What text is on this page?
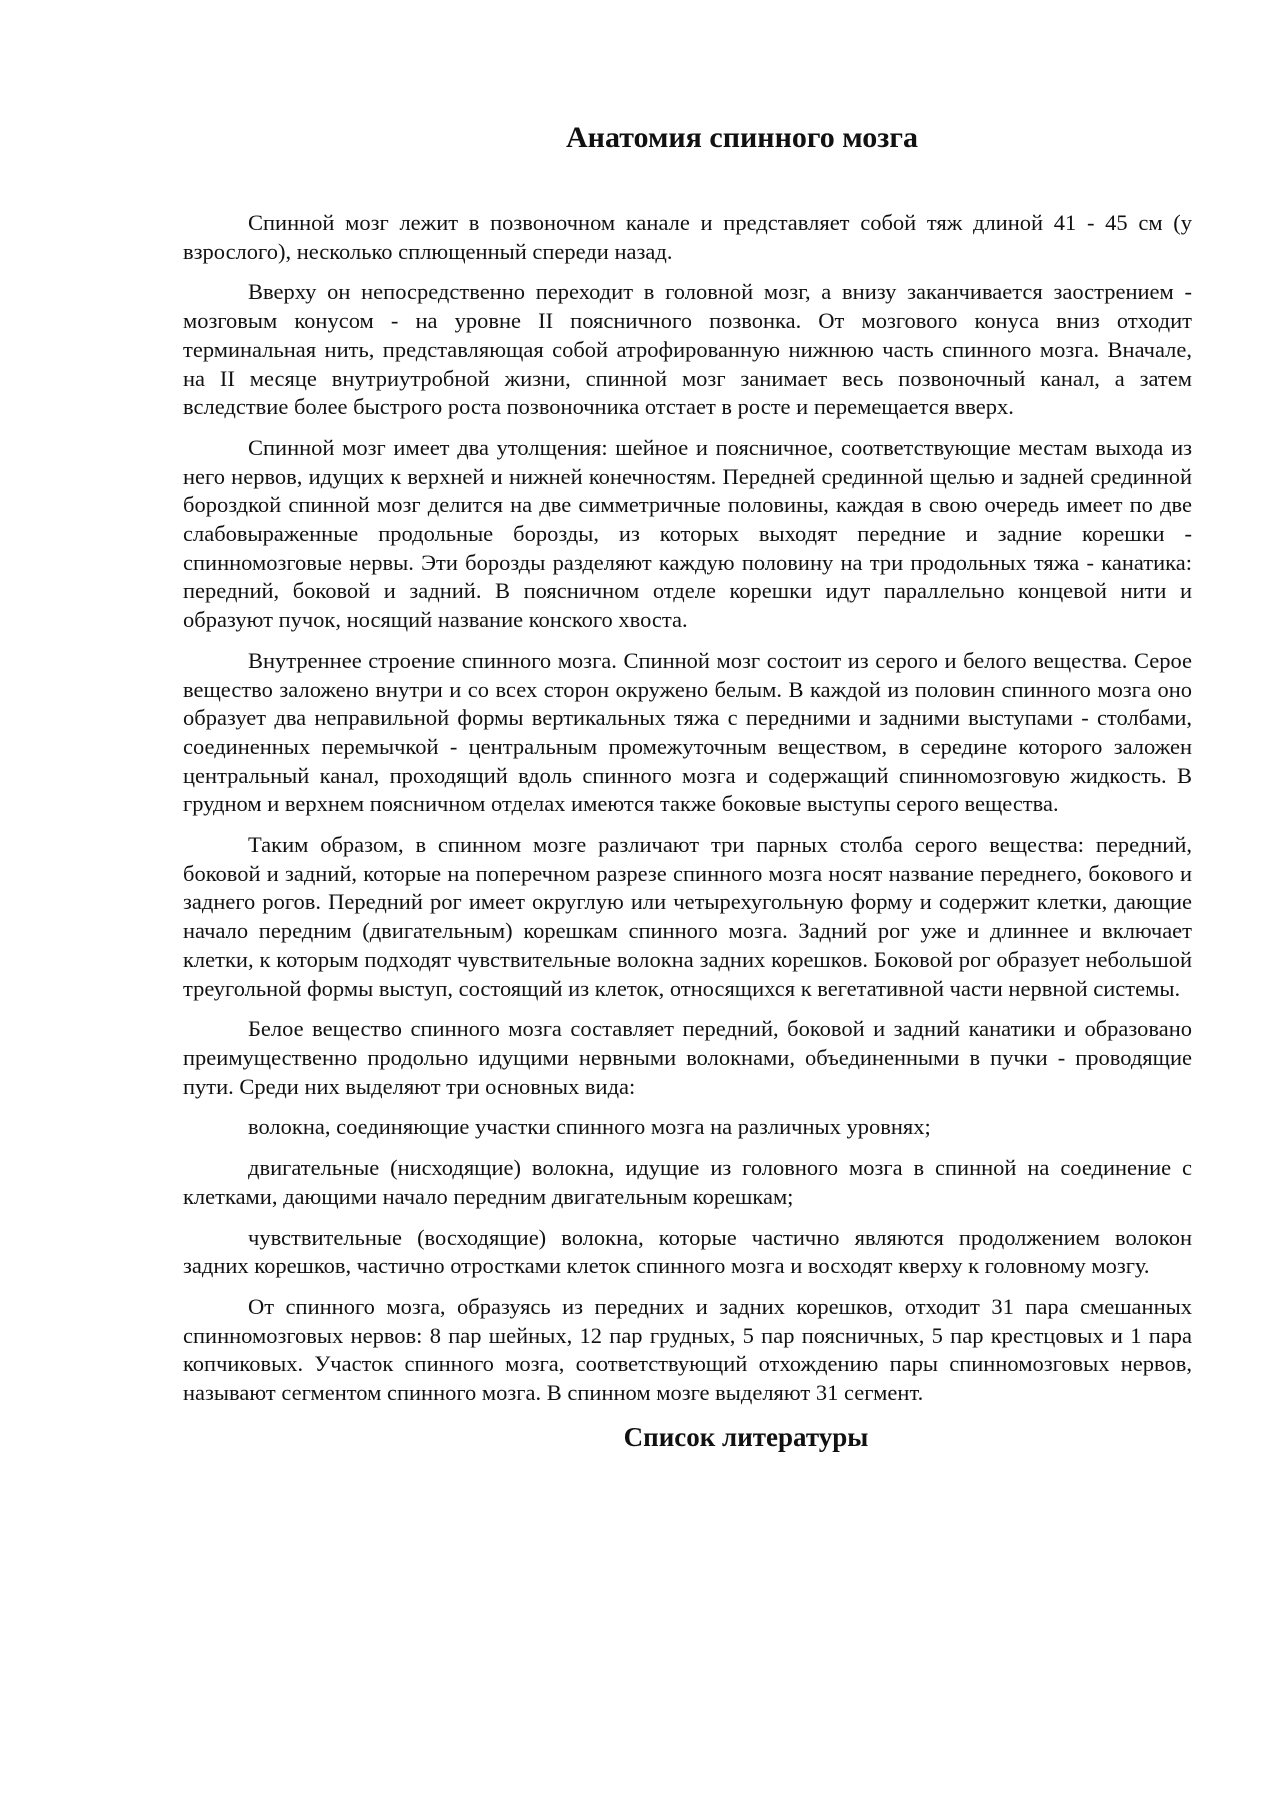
Анатомия спинного мозга

Спинной мозг лежит в позвоночном канале и представляет собой тяж длиной 41 - 45 см (у взрослого), несколько сплющенный спереди назад.

Вверху он непосредственно переходит в головной мозг, а внизу заканчивается заострением - мозговым конусом - на уровне II поясничного позвонка. От мозгового конуса вниз отходит терминальная нить, представляющая собой атрофированную нижнюю часть спинного мозга. Вначале, на II месяце внутриутробной жизни, спинной мозг занимает весь позвоночный канал, а затем вследствие более быстрого роста позвоночника отстает в росте и перемещается вверх.

Спинной мозг имеет два утолщения: шейное и поясничное, соответствующие местам выхода из него нервов, идущих к верхней и нижней конечностям. Передней срединной щелью и задней срединной бороздкой спинной мозг делится на две симметричные половины, каждая в свою очередь имеет по две слабовыраженные продольные борозды, из которых выходят передние и задние корешки - спинномозговые нервы. Эти борозды разделяют каждую половину на три продольных тяжа - канатика: передний, боковой и задний. В поясничном отделе корешки идут параллельно концевой нити и образуют пучок, носящий название конского хвоста.

Внутреннее строение спинного мозга. Спинной мозг состоит из серого и белого вещества. Серое вещество заложено внутри и со всех сторон окружено белым. В каждой из половин спинного мозга оно образует два неправильной формы вертикальных тяжа с передними и задними выступами - столбами, соединенных перемычкой - центральным промежуточным веществом, в середине которого заложен центральный канал, проходящий вдоль спинного мозга и содержащий спинномозговую жидкость. В грудном и верхнем поясничном отделах имеются также боковые выступы серого вещества.

Таким образом, в спинном мозге различают три парных столба серого вещества: передний, боковой и задний, которые на поперечном разрезе спинного мозга носят название переднего, бокового и заднего рогов. Передний рог имеет округлую или четырехугольную форму и содержит клетки, дающие начало передним (двигательным) корешкам спинного мозга. Задний рог уже и длиннее и включает клетки, к которым подходят чувствительные волокна задних корешков. Боковой рог образует небольшой треугольной формы выступ, состоящий из клеток, относящихся к вегетативной части нервной системы.

Белое вещество спинного мозга составляет передний, боковой и задний канатики и образовано преимущественно продольно идущими нервными волокнами, объединенными в пучки - проводящие пути. Среди них выделяют три основных вида:

волокна, соединяющие участки спинного мозга на различных уровнях;

двигательные (нисходящие) волокна, идущие из головного мозга в спинной на соединение с клетками, дающими начало передним двигательным корешкам;

чувствительные (восходящие) волокна, которые частично являются продолжением волокон задних корешков, частично отростками клеток спинного мозга и восходят кверху к головному мозгу.

От спинного мозга, образуясь из передних и задних корешков, отходит 31 пара смешанных спинномозговых нервов: 8 пар шейных, 12 пар грудных, 5 пар поясничных, 5 пар крестцовых и 1 пара копчиковых. Участок спинного мозга, соответствующий отхождению пары спинномозговых нервов, называют сегментом спинного мозга. В спинном мозге выделяют 31 сегмент.

Список литературы
